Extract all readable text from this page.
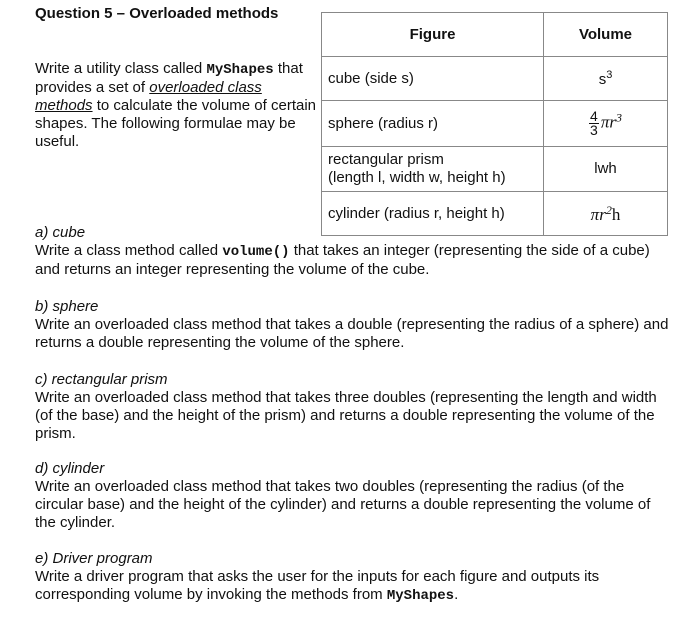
Question 5 – Overloaded methods
Write a utility class called MyShapes that provides a set of overloaded class methods to calculate the volume of certain shapes. The following formulae may be useful.
Figure	Volume
cube (side s)	$s^3$
sphere (radius r)	$\frac{4}{3} \pi r^3$
rectangular prism
(length l, width w, height h)	lwh
cylinder (radius r, height h)	$\pi r^2h$
a) cube
Write a class method called volume() that takes an integer (representing the side of a cube) and returns an integer representing the volume of the cube.
b) sphere
Write an overloaded class method that takes a double (representing the radius of a sphere) and returns a double representing the volume of the sphere.
c) rectangular prism
Write an overloaded class method that takes three doubles (representing the length and width (of the base) and the height of the prism) and returns a double representing the volume of the prism.
d) cylinder
Write an overloaded class method that takes two doubles (representing the radius (of the circular base) and the height of the cylinder) and returns a double representing the volume of the cylinder.
e) Driver program
Write a driver program that asks the user for the inputs for each figure and outputs its corresponding volume by invoking the methods from MyShapes.
